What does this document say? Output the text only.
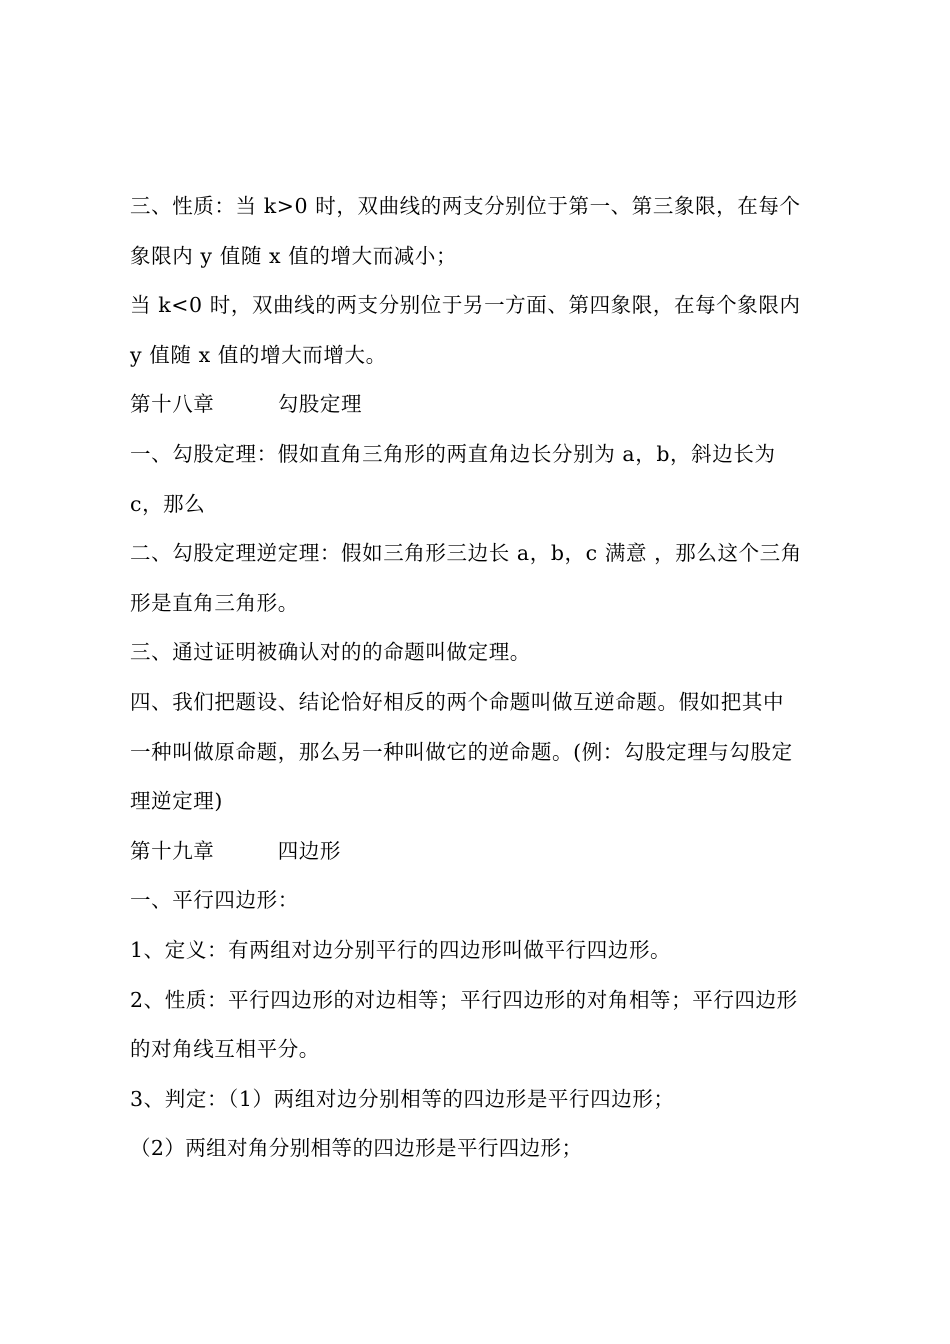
三、性质：当 k>0 时，双曲线的两支分别位于第一、第三象限，在每个
象限内 y 值随 x 值的增大而减小；
当 k<0 时，双曲线的两支分别位于另一方面、第四象限，在每个象限内
y 值随 x 值的增大而增大。
第十八章　　　勾股定理
一、勾股定理：假如直角三角形的两直角边长分别为 a，b，斜边长为
c，那么
二、勾股定理逆定理：假如三角形三边长 a，b，c 满意 ，那么这个三角
形是直角三角形。
三、通过证明被确认对的的命题叫做定理。
四、我们把题设、结论恰好相反的两个命题叫做互逆命题。假如把其中
一种叫做原命题，那么另一种叫做它的逆命题。(例：勾股定理与勾股定
理逆定理)
第十九章　　　四边形
一、平行四边形：
1、定义：有两组对边分别平行的四边形叫做平行四边形。
2、性质：平行四边形的对边相等；平行四边形的对角相等；平行四边形
的对角线互相平分。
3、判定：（1）两组对边分别相等的四边形是平行四边形；
（2）两组对角分别相等的四边形是平行四边形；
